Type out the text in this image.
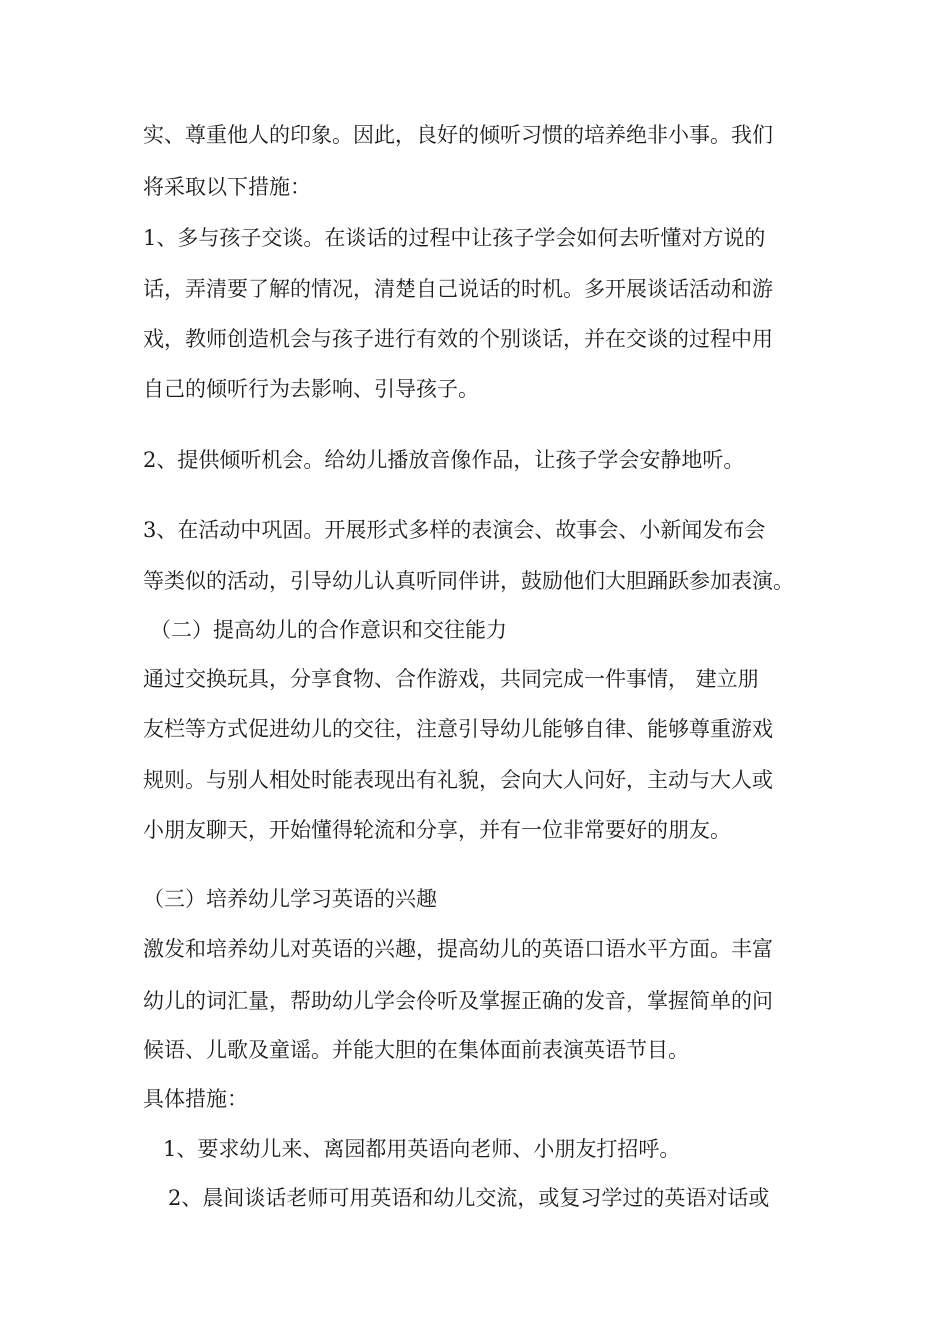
实、尊重他人的印象。因此，良好的倾听习惯的培养绝非小事。我们
将采取以下措施：
1、多与孩子交谈。在谈话的过程中让孩子学会如何去听懂对方说的
话，弄清要了解的情况，清楚自己说话的时机。多开展谈话活动和游
戏，教师创造机会与孩子进行有效的个别谈话，并在交谈的过程中用
自己的倾听行为去影响、引导孩子。
2、提供倾听机会。给幼儿播放音像作品，让孩子学会安静地听。
3、在活动中巩固。开展形式多样的表演会、故事会、小新闻发布会
等类似的活动，引导幼儿认真听同伴讲，鼓励他们大胆踊跃参加表演。
（二）提高幼儿的合作意识和交往能力
通过交换玩具，分享食物、合作游戏，共同完成一件事情， 建立朋
友栏等方式促进幼儿的交往，注意引导幼儿能够自律、能够尊重游戏
规则。与别人相处时能表现出有礼貌，会向大人问好，主动与大人或
小朋友聊天，开始懂得轮流和分享，并有一位非常要好的朋友。
（三）培养幼儿学习英语的兴趣
激发和培养幼儿对英语的兴趣，提高幼儿的英语口语水平方面。丰富
幼儿的词汇量，帮助幼儿学会伶听及掌握正确的发音，掌握简单的问
候语、儿歌及童谣。并能大胆的在集体面前表演英语节目。
具体措施：
1、要求幼儿来、离园都用英语向老师、小朋友打招呼。
2、晨间谈话老师可用英语和幼儿交流，或复习学过的英语对话或
